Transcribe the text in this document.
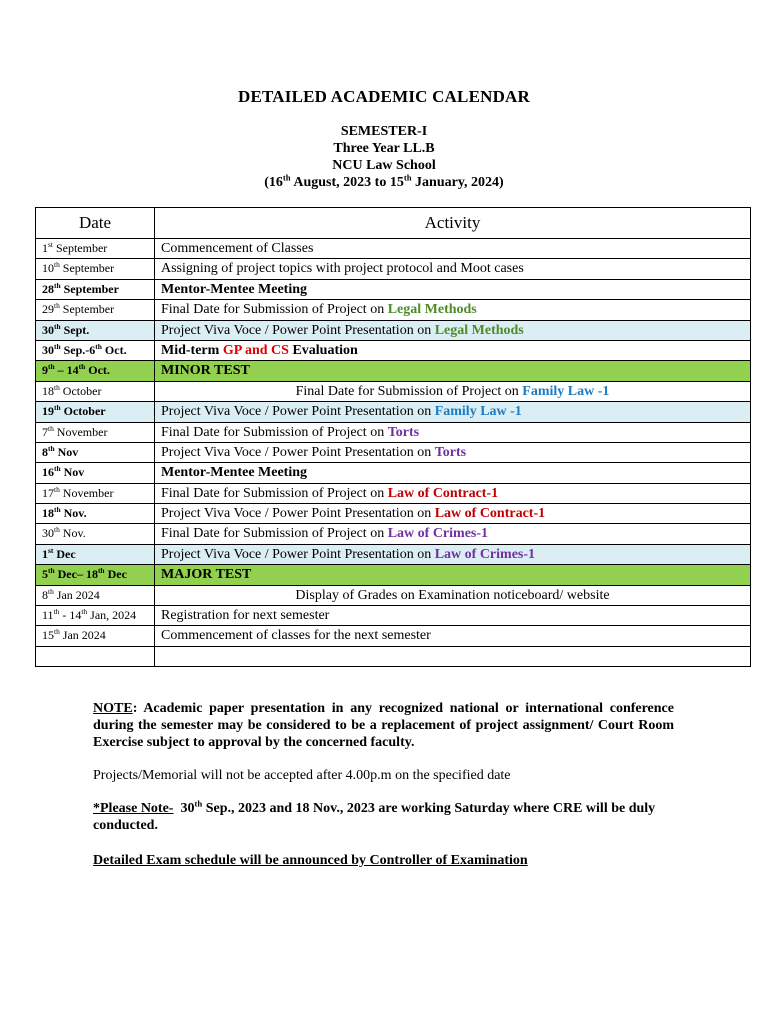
DETAILED ACADEMIC CALENDAR
SEMESTER-I
Three Year LL.B
NCU Law School
(16th August, 2023 to 15th January, 2024)
Date	Activity
1st September	Commencement of Classes
10th September	Assigning of project topics with project protocol and Moot cases
28th September	Mentor-Mentee Meeting
29th September	Final Date for Submission of Project on Legal Methods
30th Sept.	Project Viva Voce / Power Point Presentation on Legal Methods
30th Sep.-6th Oct.	Mid-term GP and CS Evaluation
9th – 14th Oct.	MINOR TEST
18th October	Final Date for Submission of Project on Family Law -1
19th October	Project Viva Voce / Power Point Presentation on Family Law -1
7th November	Final Date for Submission of Project on Torts
8th Nov	Project Viva Voce / Power Point Presentation on Torts
16th Nov	Mentor-Mentee Meeting
17th November	Final Date for Submission of Project on Law of Contract-1
18th Nov.	Project Viva Voce / Power Point Presentation on Law of Contract-1
30th Nov.	Final Date for Submission of Project on Law of Crimes-1
1st Dec	Project Viva Voce / Power Point Presentation on Law of Crimes-1
5th Dec– 18th Dec	MAJOR TEST
8th Jan 2024	Display of Grades on Examination noticeboard/ website
11th - 14th Jan, 2024	Registration for next semester
15th Jan 2024	Commencement of classes for the next semester

NOTE: Academic paper presentation in any recognized national or international conference during the semester may be considered to be a replacement of project assignment/ Court Room Exercise subject to approval by the concerned faculty.
Projects/Memorial will not be accepted after 4.00p.m on the specified date
*Please Note- 30th Sep., 2023 and 18 Nov., 2023 are working Saturday where CRE will be duly conducted.
Detailed Exam schedule will be announced by Controller of Examination
